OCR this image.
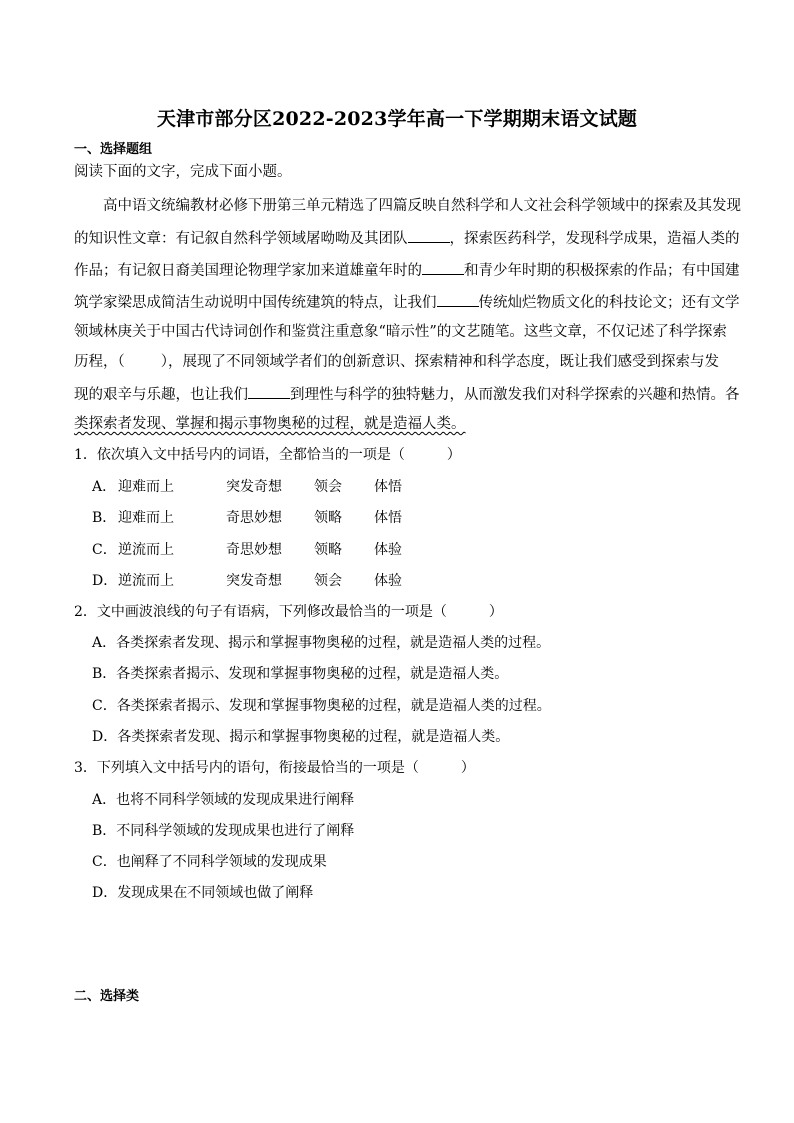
天津市部分区2022-2023学年高一下学期期末语文试题
一、选择题组
阅读下面的文字，完成下面小题。
高中语文统编教材必修下册第三单元精选了四篇反映自然科学和人文社会科学领域中的探索及其发现
的知识性文章：有记叙自然科学领域屠呦呦及其团队	，探索医药科学，发现科学成果，造福人类的
作品；有记叙日裔美国理论物理学家加来道雄童年时的	和青少年时期的积极探索的作品；有中国建
筑学家梁思成简洁生动说明中国传统建筑的特点，让我们	传统灿烂物质文化的科技论文；还有文学
领域林庚关于中国古代诗词创作和鉴赏注重意象“暗示性”的文艺随笔。这些文章，不仅记述了科学探索
历程，（ ），展现了不同领域学者们的创新意识、探索精神和科学态度，既让我们感受到探索与发
现的艰辛与乐趣，也让我们	到理性与科学的独特魅力，从而激发我们对科学探索的兴趣和热情。各
类探索者发现、掌握和揭示事物奥秘的过程，就是造福人类。
1．依次填入文中括号内的词语，全都恰当的一项是（　　　）
A． 迎难而上	突发奇想 领会 体悟
B． 迎难而上	奇思妙想 领略 体悟
C．逆流而上	奇思妙想 领略 体验
D．逆流而上	突发奇想 领会 体验
2．文中画波浪线的句子有语病，下列修改最恰当的一项是（　　　）
A．各类探索者发现、揭示和掌握事物奥秘的过程，就是造福人类的过程。
B．各类探索者揭示、发现和掌握事物奥秘的过程，就是造福人类。
C．各类探索者揭示、发现和掌握事物奥秘的过程，就是造福人类的过程。
D．各类探索者发现、揭示和掌握事物奥秘的过程，就是造福人类。
3．下列填入文中括号内的语句，衔接最恰当的一项是（　　　）
A．也将不同科学领域的发现成果进行阐释
B．不同科学领域的发现成果也进行了阐释
C．也阐释了不同科学领域的发现成果
D．发现成果在不同领域也做了阐释
二、选择类
